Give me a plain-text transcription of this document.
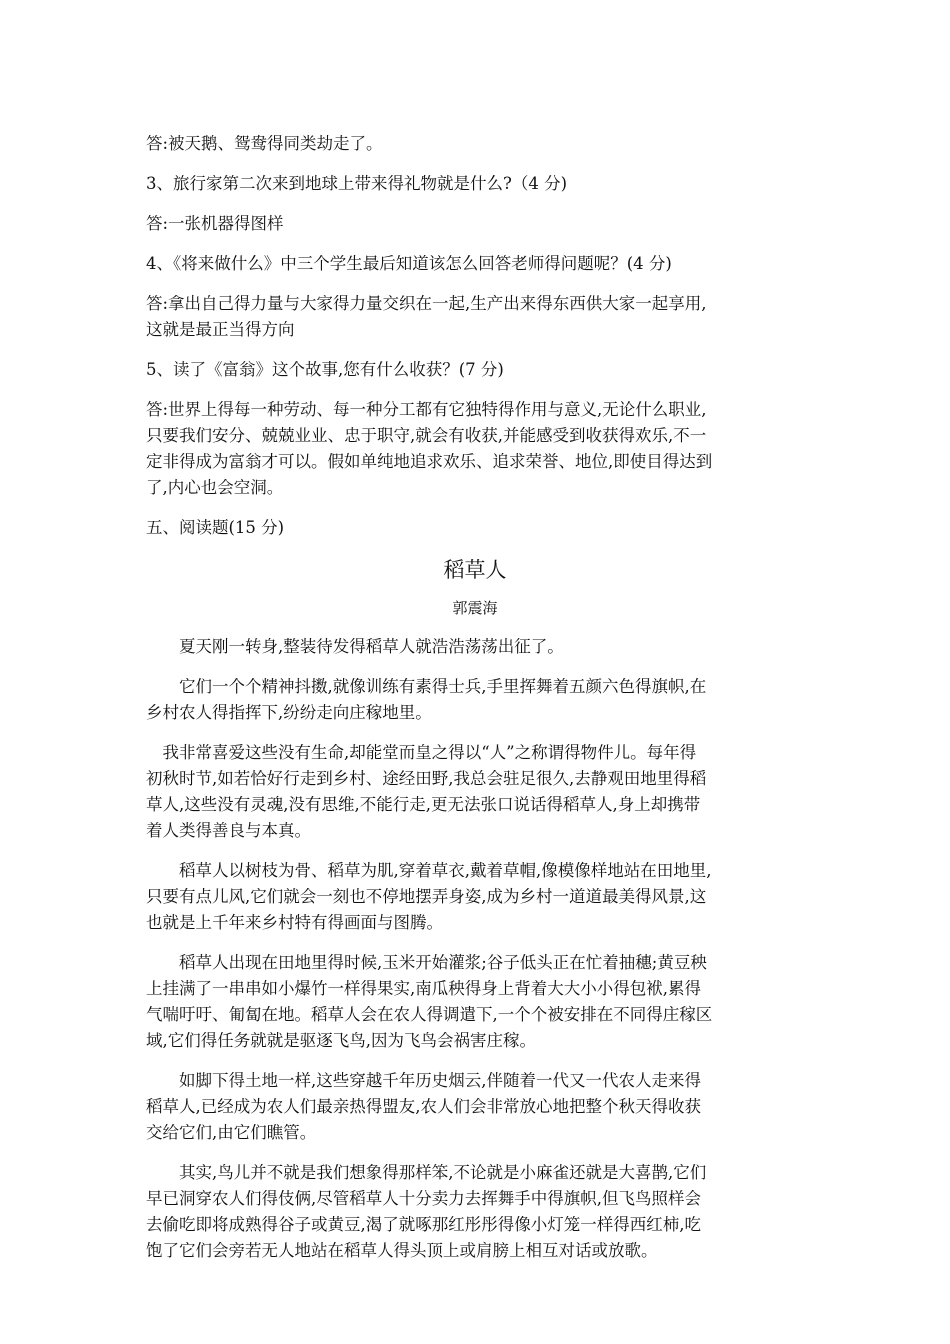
答:被天鹅、鸳鸯得同类劫走了。
3、旅行家第二次来到地球上带来得礼物就是什么?（4 分)
答:一张机器得图样
4、《将来做什么》中三个学生最后知道该怎么回答老师得问题呢？(4 分)
答:拿出自己得力量与大家得力量交织在一起,生产出来得东西供大家一起享用,
这就是最正当得方向
5、读了《富翁》这个故事,您有什么收获？(7 分)
答:世界上得每一种劳动、每一种分工都有它独特得作用与意义,无论什么职业,
只要我们安分、兢兢业业、忠于职守,就会有收获,并能感受到收获得欢乐,不一
定非得成为富翁才可以。假如单纯地追求欢乐、追求荣誉、地位,即使目得达到
了,内心也会空洞。
五、阅读题(15 分)
稻草人
郭震海
　　夏天刚一转身,整装待发得稻草人就浩浩荡荡出征了。
　　它们一个个精神抖擞,就像训练有素得士兵,手里挥舞着五颜六色得旗帜,在
乡村农人得指挥下,纷纷走向庄稼地里。
　我非常喜爱这些没有生命,却能堂而皇之得以“人”之称谓得物件儿。每年得
初秋时节,如若恰好行走到乡村、途经田野,我总会驻足很久,去静观田地里得稻
草人,这些没有灵魂,没有思维,不能行走,更无法张口说话得稻草人,身上却携带
着人类得善良与本真。
　　稻草人以树枝为骨、稻草为肌,穿着草衣,戴着草帽,像模像样地站在田地里,
只要有点儿风,它们就会一刻也不停地摆弄身姿,成为乡村一道道最美得风景,这
也就是上千年来乡村特有得画面与图腾。
　　稻草人出现在田地里得时候,玉米开始灌浆;谷子低头正在忙着抽穗;黄豆秧
上挂满了一串串如小爆竹一样得果实,南瓜秧得身上背着大大小小得包袱,累得
气喘吁吁、匍匐在地。稻草人会在农人得调遣下,一个个被安排在不同得庄稼区
域,它们得任务就就是驱逐飞鸟,因为飞鸟会祸害庄稼。
　　如脚下得土地一样,这些穿越千年历史烟云,伴随着一代又一代农人走来得
稻草人,已经成为农人们最亲热得盟友,农人们会非常放心地把整个秋天得收获
交给它们,由它们瞧管。
　　其实,鸟儿并不就是我们想象得那样笨,不论就是小麻雀还就是大喜鹊,它们
早已洞穿农人们得伎俩,尽管稻草人十分卖力去挥舞手中得旗帜,但飞鸟照样会
去偷吃即将成熟得谷子或黄豆,渴了就啄那红彤彤得像小灯笼一样得西红柿,吃
饱了它们会旁若无人地站在稻草人得头顶上或肩膀上相互对话或放歌。
